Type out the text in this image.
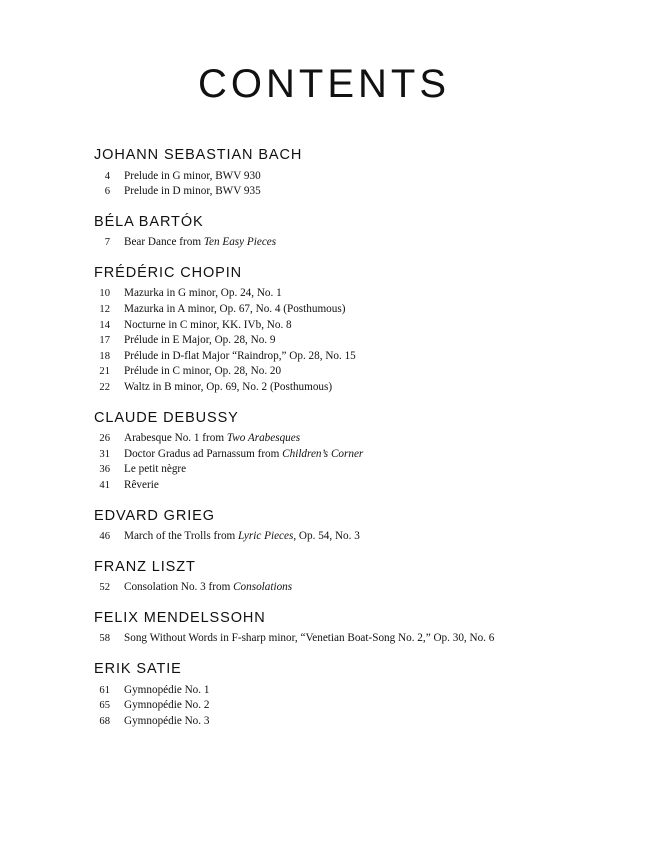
CONTENTS
JOHANN SEBASTIAN BACH
4	Prelude in G minor, BWV 930
6	Prelude in D minor, BWV 935
BÉLA BARTÓK
7	Bear Dance from Ten Easy Pieces
FRÉDÉRIC CHOPIN
10	Mazurka in G minor, Op. 24, No. 1
12	Mazurka in A minor, Op. 67, No. 4 (Posthumous)
14	Nocturne in C minor, KK. IVb, No. 8
17	Prélude in E Major, Op. 28, No. 9
18	Prélude in D-flat Major “Raindrop,” Op. 28, No. 15
21	Prélude in C minor, Op. 28, No. 20
22	Waltz in B minor, Op. 69, No. 2 (Posthumous)
CLAUDE DEBUSSY
26	Arabesque No. 1 from Two Arabesques
31	Doctor Gradus ad Parnassum from Children’s Corner
36	Le petit nègre
41	Rêverie
EDVARD GRIEG
46	March of the Trolls from Lyric Pieces, Op. 54, No. 3
FRANZ LISZT
52	Consolation No. 3 from Consolations
FELIX MENDELSSOHN
58	Song Without Words in F-sharp minor, “Venetian Boat-Song No. 2,” Op. 30, No. 6
ERIK SATIE
61	Gymnopédie No. 1
65	Gymnopédie No. 2
68	Gymnopédie No. 3
